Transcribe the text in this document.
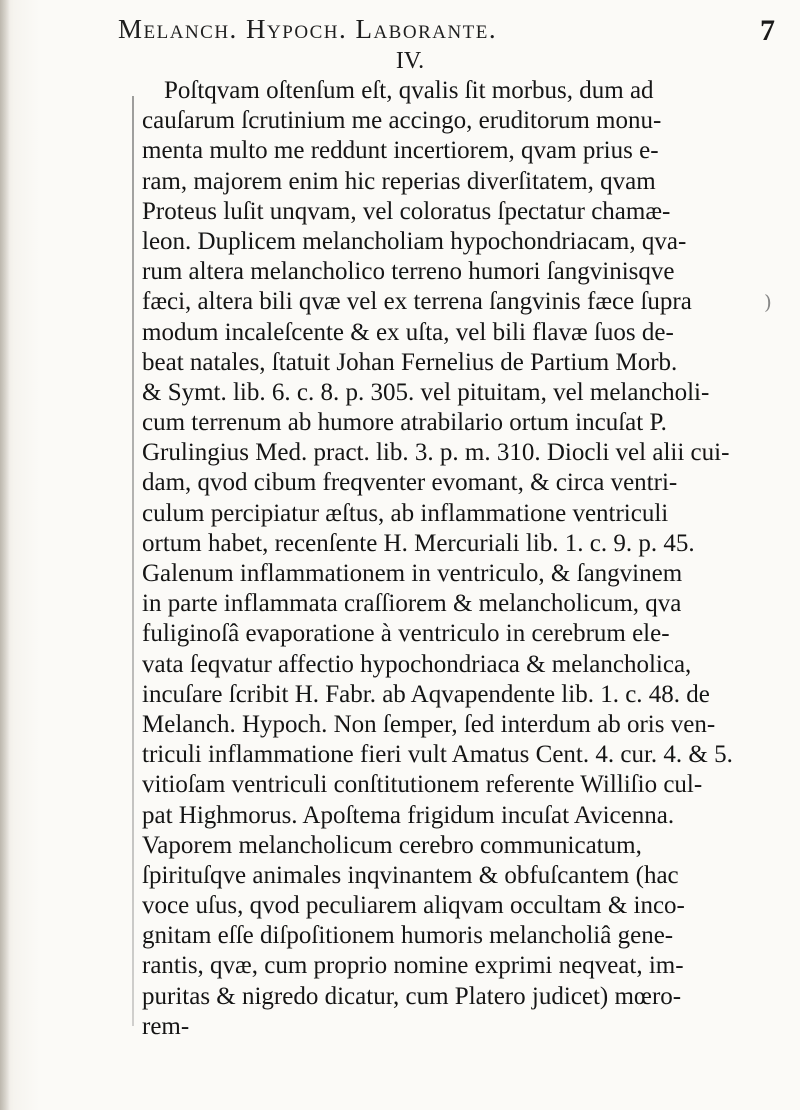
Melanch. Hypoch. Laborante.	7
IV.
)
Poſtqvam oſtenſum eſt, qvalis ſit morbus, dum ad
cauſarum ſcrutinium me accingo, eruditorum monu-
menta multo me reddunt incertiorem, qvam prius e-
ram, majorem enim hic reperias diverſitatem, qvam
Proteus luſit unqvam, vel coloratus ſpectatur chamæ-
leon. Duplicem melancholiam hypochondriacam, qva-
rum altera melancholico terreno humori ſangvinisqve
fæci, altera bili qvæ vel ex terrena ſangvinis fæce ſupra
modum incaleſcente & ex uſta, vel bili flavæ ſuos de-
beat natales, ſtatuit Johan Fernelius de Partium Morb.
& Symt. lib. 6. c. 8. p. 305. vel pituitam, vel melancholi-
cum terrenum ab humore atrabilario ortum incuſat P.
Grulingius Med. pract. lib. 3. p. m. 310. Diocli vel alii cui-
dam, qvod cibum freqventer evomant, & circa ventri-
culum percipiatur æſtus, ab inflammatione ventriculi
ortum habet, recenſente H. Mercuriali lib. 1. c. 9. p. 45.
Galenum inflammationem in ventriculo, & ſangvinem
in parte inflammata craſſiorem & melancholicum, qva
fuliginoſâ evaporatione à ventriculo in cerebrum ele-
vata ſeqvatur affectio hypochondriaca & melancholica,
incuſare ſcribit H. Fabr. ab Aqvapendente lib. 1. c. 48. de
Melanch. Hypoch. Non ſemper, ſed interdum ab oris ven-
triculi inflammatione fieri vult Amatus Cent. 4. cur. 4. & 5.
vitioſam ventriculi conſtitutionem referente Williſio cul-
pat Highmorus. Apoſtema frigidum incuſat Avicenna.
Vaporem melancholicum cerebro communicatum,
ſpirituſqve animales inqvinantem & obfuſcantem (hac
voce uſus, qvod peculiarem aliqvam occultam & inco-
gnitam eſſe diſpoſitionem humoris melancholiâ gene-
rantis, qvæ, cum proprio nomine exprimi neqveat, im-
puritas & nigredo dicatur, cum Platero judicet) mœro-
rem-
